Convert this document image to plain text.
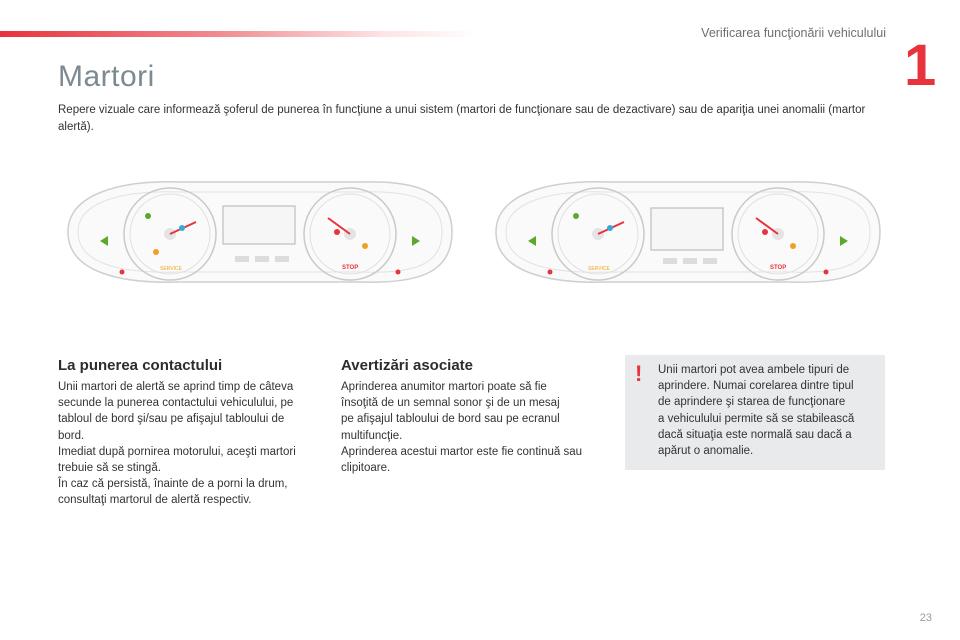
Verificarea funcţionării vehiculului 1
Martori

Repere vizuale care informează şoferul de punerea în funcţiune a unui sistem (martori de funcţionare sau de dezactivare) sau de apariţia unei anomalii (martor alertă).

SERVICE	STOP	SERVICE	STOP
La punerea contactului
Unii martori de alertă se aprind timp de câteva
secunde la punerea contactului vehiculului, pe
tabloul de bord şi/sau pe afişajul tabloului de
bord.
Imediat după pornirea motorului, aceşti martori
trebuie să se stingă.
În caz că persistă, înainte de a porni la drum,
consultaţi martorul de alertă respectiv.
Avertizări asociate
Aprinderea anumitor martori poate să fie
însoţită de un semnal sonor şi de un mesaj
pe afişajul tabloului de bord sau pe ecranul
multifuncţie.
Aprinderea acestui martor este fie continuă sau
clipitoare.
! Unii martori pot avea ambele tipuri de
aprindere. Numai corelarea dintre tipul
de aprindere şi starea de funcţionare
a vehiculului permite să se stabilească
dacă situaţia este normală sau dacă a
apărut o anomalie.
23
